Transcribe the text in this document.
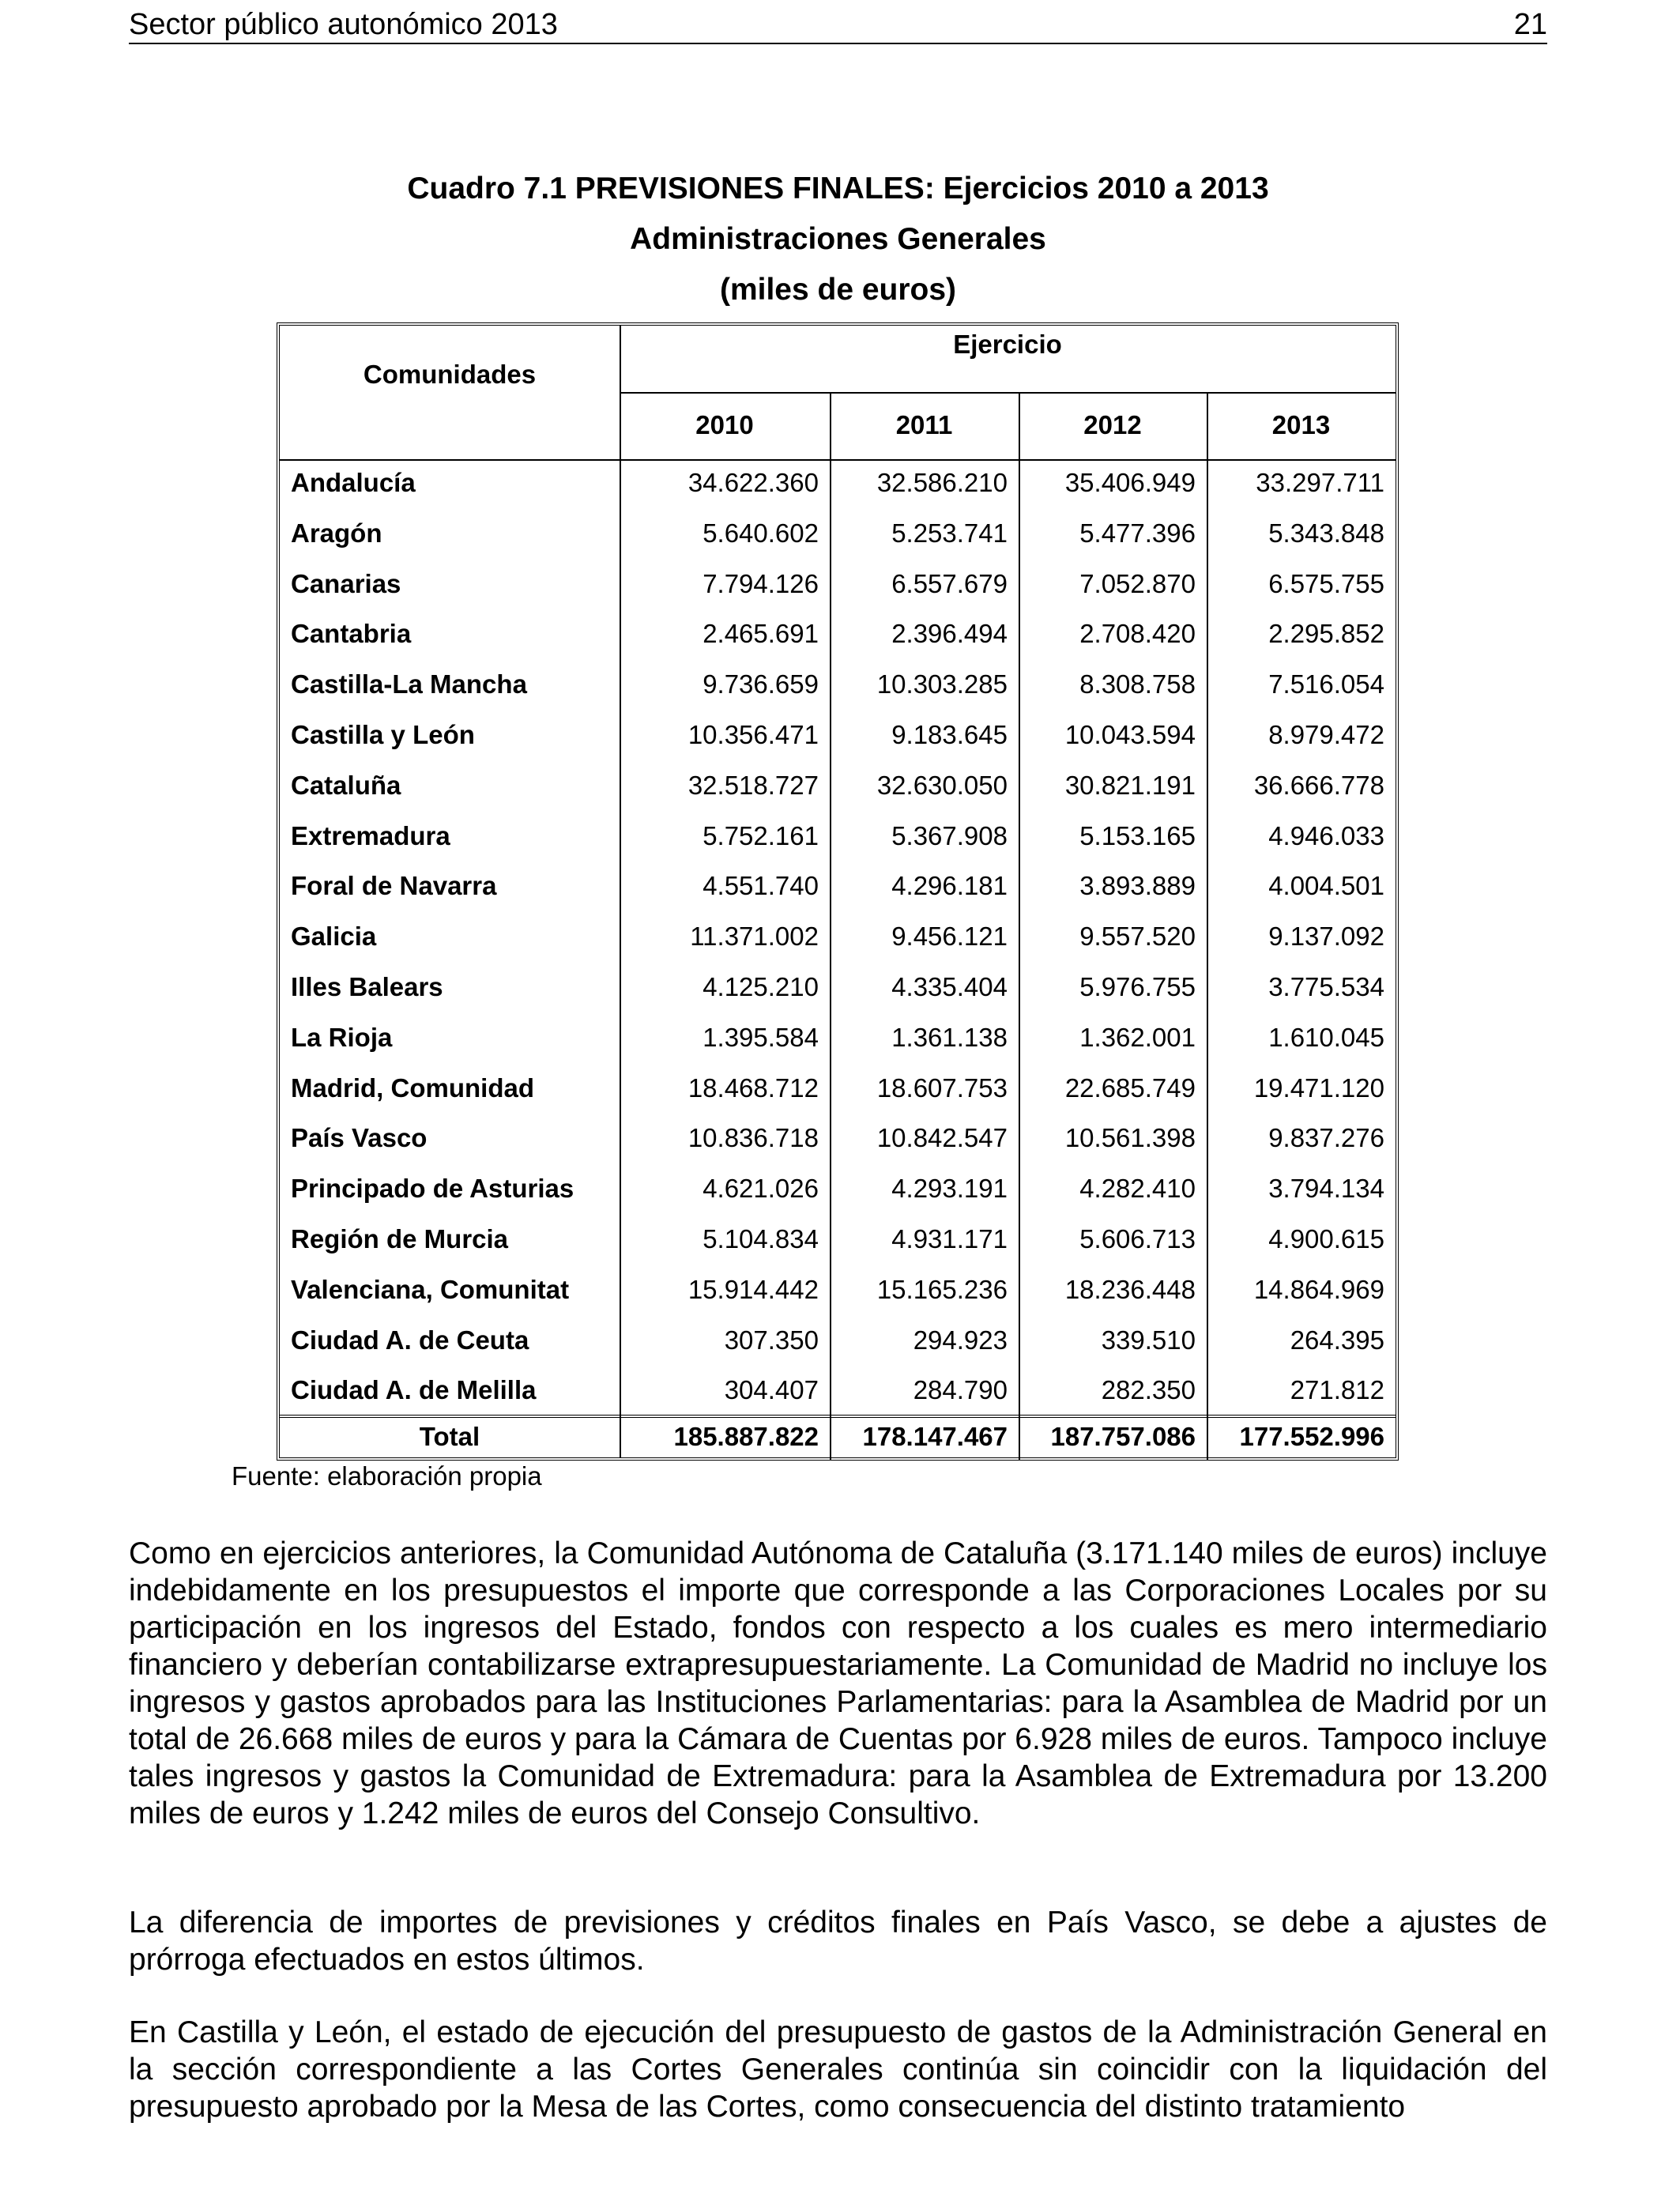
Sector público autonómico 2013	21
Cuadro 7.1 PREVISIONES FINALES: Ejercicios 2010 a 2013
Administraciones Generales
(miles de euros)
Comunidades
Ejercicio
2010	2011	2012	2013
Andalucía	34.622.360	32.586.210	35.406.949	33.297.711
Aragón	5.640.602	5.253.741	5.477.396	5.343.848
Canarias	7.794.126	6.557.679	7.052.870	6.575.755
Cantabria	2.465.691	2.396.494	2.708.420	2.295.852
Castilla-La Mancha	9.736.659	10.303.285	8.308.758	7.516.054
Castilla y León	10.356.471	9.183.645	10.043.594	8.979.472
Cataluña	32.518.727	32.630.050	30.821.191	36.666.778
Extremadura	5.752.161	5.367.908	5.153.165	4.946.033
Foral de Navarra	4.551.740	4.296.181	3.893.889	4.004.501
Galicia	11.371.002	9.456.121	9.557.520	9.137.092
Illes Balears	4.125.210	4.335.404	5.976.755	3.775.534
La Rioja	1.395.584	1.361.138	1.362.001	1.610.045
Madrid, Comunidad	18.468.712	18.607.753	22.685.749	19.471.120
País Vasco	10.836.718	10.842.547	10.561.398	9.837.276
Principado de Asturias	4.621.026	4.293.191	4.282.410	3.794.134
Región de Murcia	5.104.834	4.931.171	5.606.713	4.900.615
Valenciana, Comunitat	15.914.442	15.165.236	18.236.448	14.864.969
Ciudad A. de Ceuta	307.350	294.923	339.510	264.395
Ciudad A. de Melilla	304.407	284.790	282.350	271.812
Total	185.887.822	178.147.467	187.757.086	177.552.996
Fuente: elaboración propia

Como en ejercicios anteriores, la Comunidad Autónoma de Cataluña (3.171.140 miles de euros) incluye indebidamente en los presupuestos el importe que corresponde a las Corporaciones Locales por su participación en los ingresos del Estado, fondos con respecto a los cuales es mero intermediario financiero y deberían contabilizarse extrapresupuestariamente. La Comunidad de Madrid no incluye los ingresos y gastos aprobados para las Instituciones Parlamentarias: para la Asamblea de Madrid por un total de 26.668 miles de euros y para la Cámara de Cuentas por 6.928 miles de euros. Tampoco incluye tales ingresos y gastos la Comunidad de Extremadura: para la Asamblea de Extremadura por 13.200 miles de euros y 1.242 miles de euros del Consejo Consultivo.

La diferencia de importes de previsiones y créditos finales en País Vasco, se debe a ajustes de prórroga efectuados en estos últimos.

En Castilla y León, el estado de ejecución del presupuesto de gastos de la Administración General en la sección correspondiente a las Cortes Generales continúa sin coincidir con la liquidación del presupuesto aprobado por la Mesa de las Cortes, como consecuencia del distinto tratamiento
